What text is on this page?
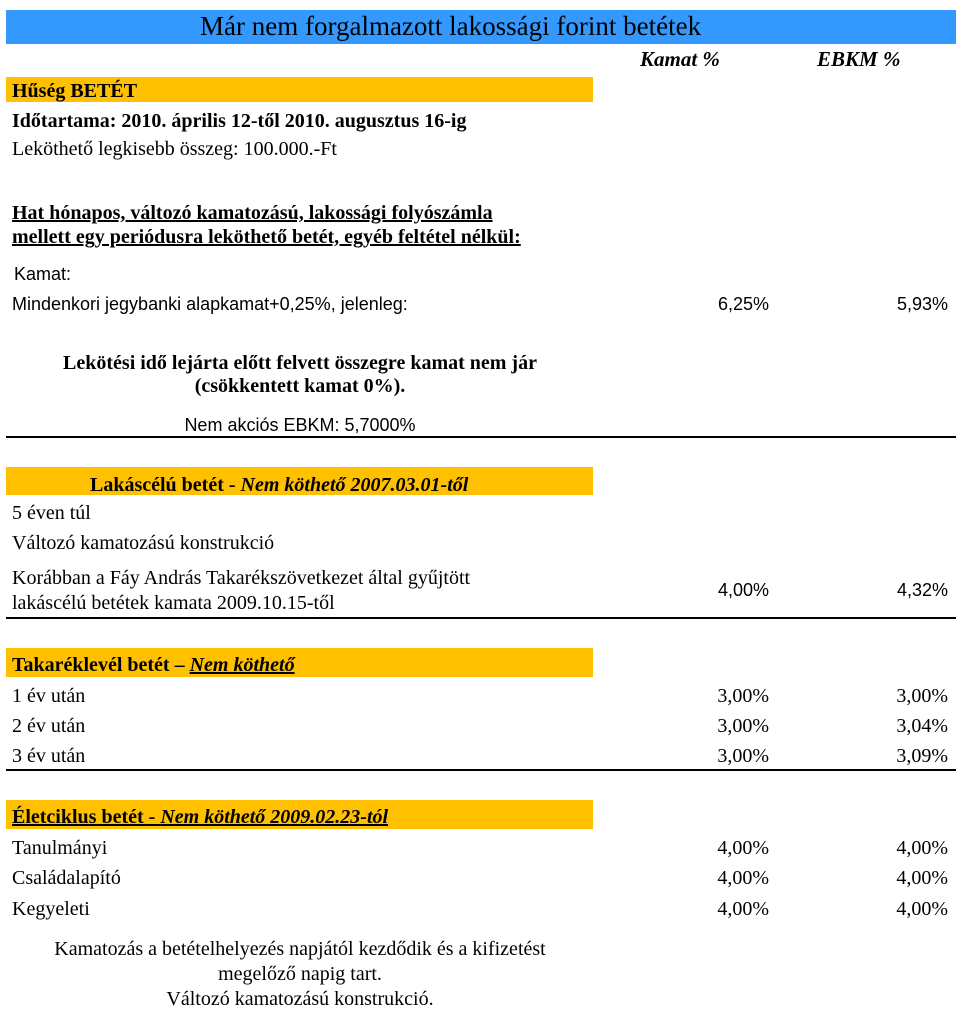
Már nem forgalmazott lakossági forint betétek
Kamat %	EBKM %
Hűség BETÉT
Időtartama: 2010. április 12-től 2010. augusztus 16-ig
Leköthető legkisebb összeg: 100.000.-Ft
Hat hónapos, változó kamatozású, lakossági folyószámla
mellett egy periódusra leköthető betét, egyéb feltétel nélkül:
Kamat:
Mindenkori jegybanki alapkamat+0,25%, jelenleg:	6,25%	5,93%
Lekötési idő lejárta előtt felvett összegre kamat nem jár
(csökkentett kamat 0%).
Nem akciós EBKM: 5,7000%
Lakáscélú betét - Nem köthető 2007.03.01-től
5 éven túl
Változó kamatozású konstrukció
Korábban a Fáy András Takarékszövetkezet által gyűjtött
lakáscélú betétek kamata 2009.10.15-től
4,00%	4,32%
Takaréklevél betét – Nem köthető
1 év után	3,00%	3,00%
2 év után	3,00%	3,04%
3 év után	3,00%	3,09%
Életciklus betét - Nem köthető 2009.02.23-tól
Tanulmányi	4,00%	4,00%
Családalapító	4,00%	4,00%
Kegyeleti	4,00%	4,00%
Kamatozás a betételhelyezés napjától kezdődik és a kifizetést
megelőző napig tart.
Változó kamatozású konstrukció.
